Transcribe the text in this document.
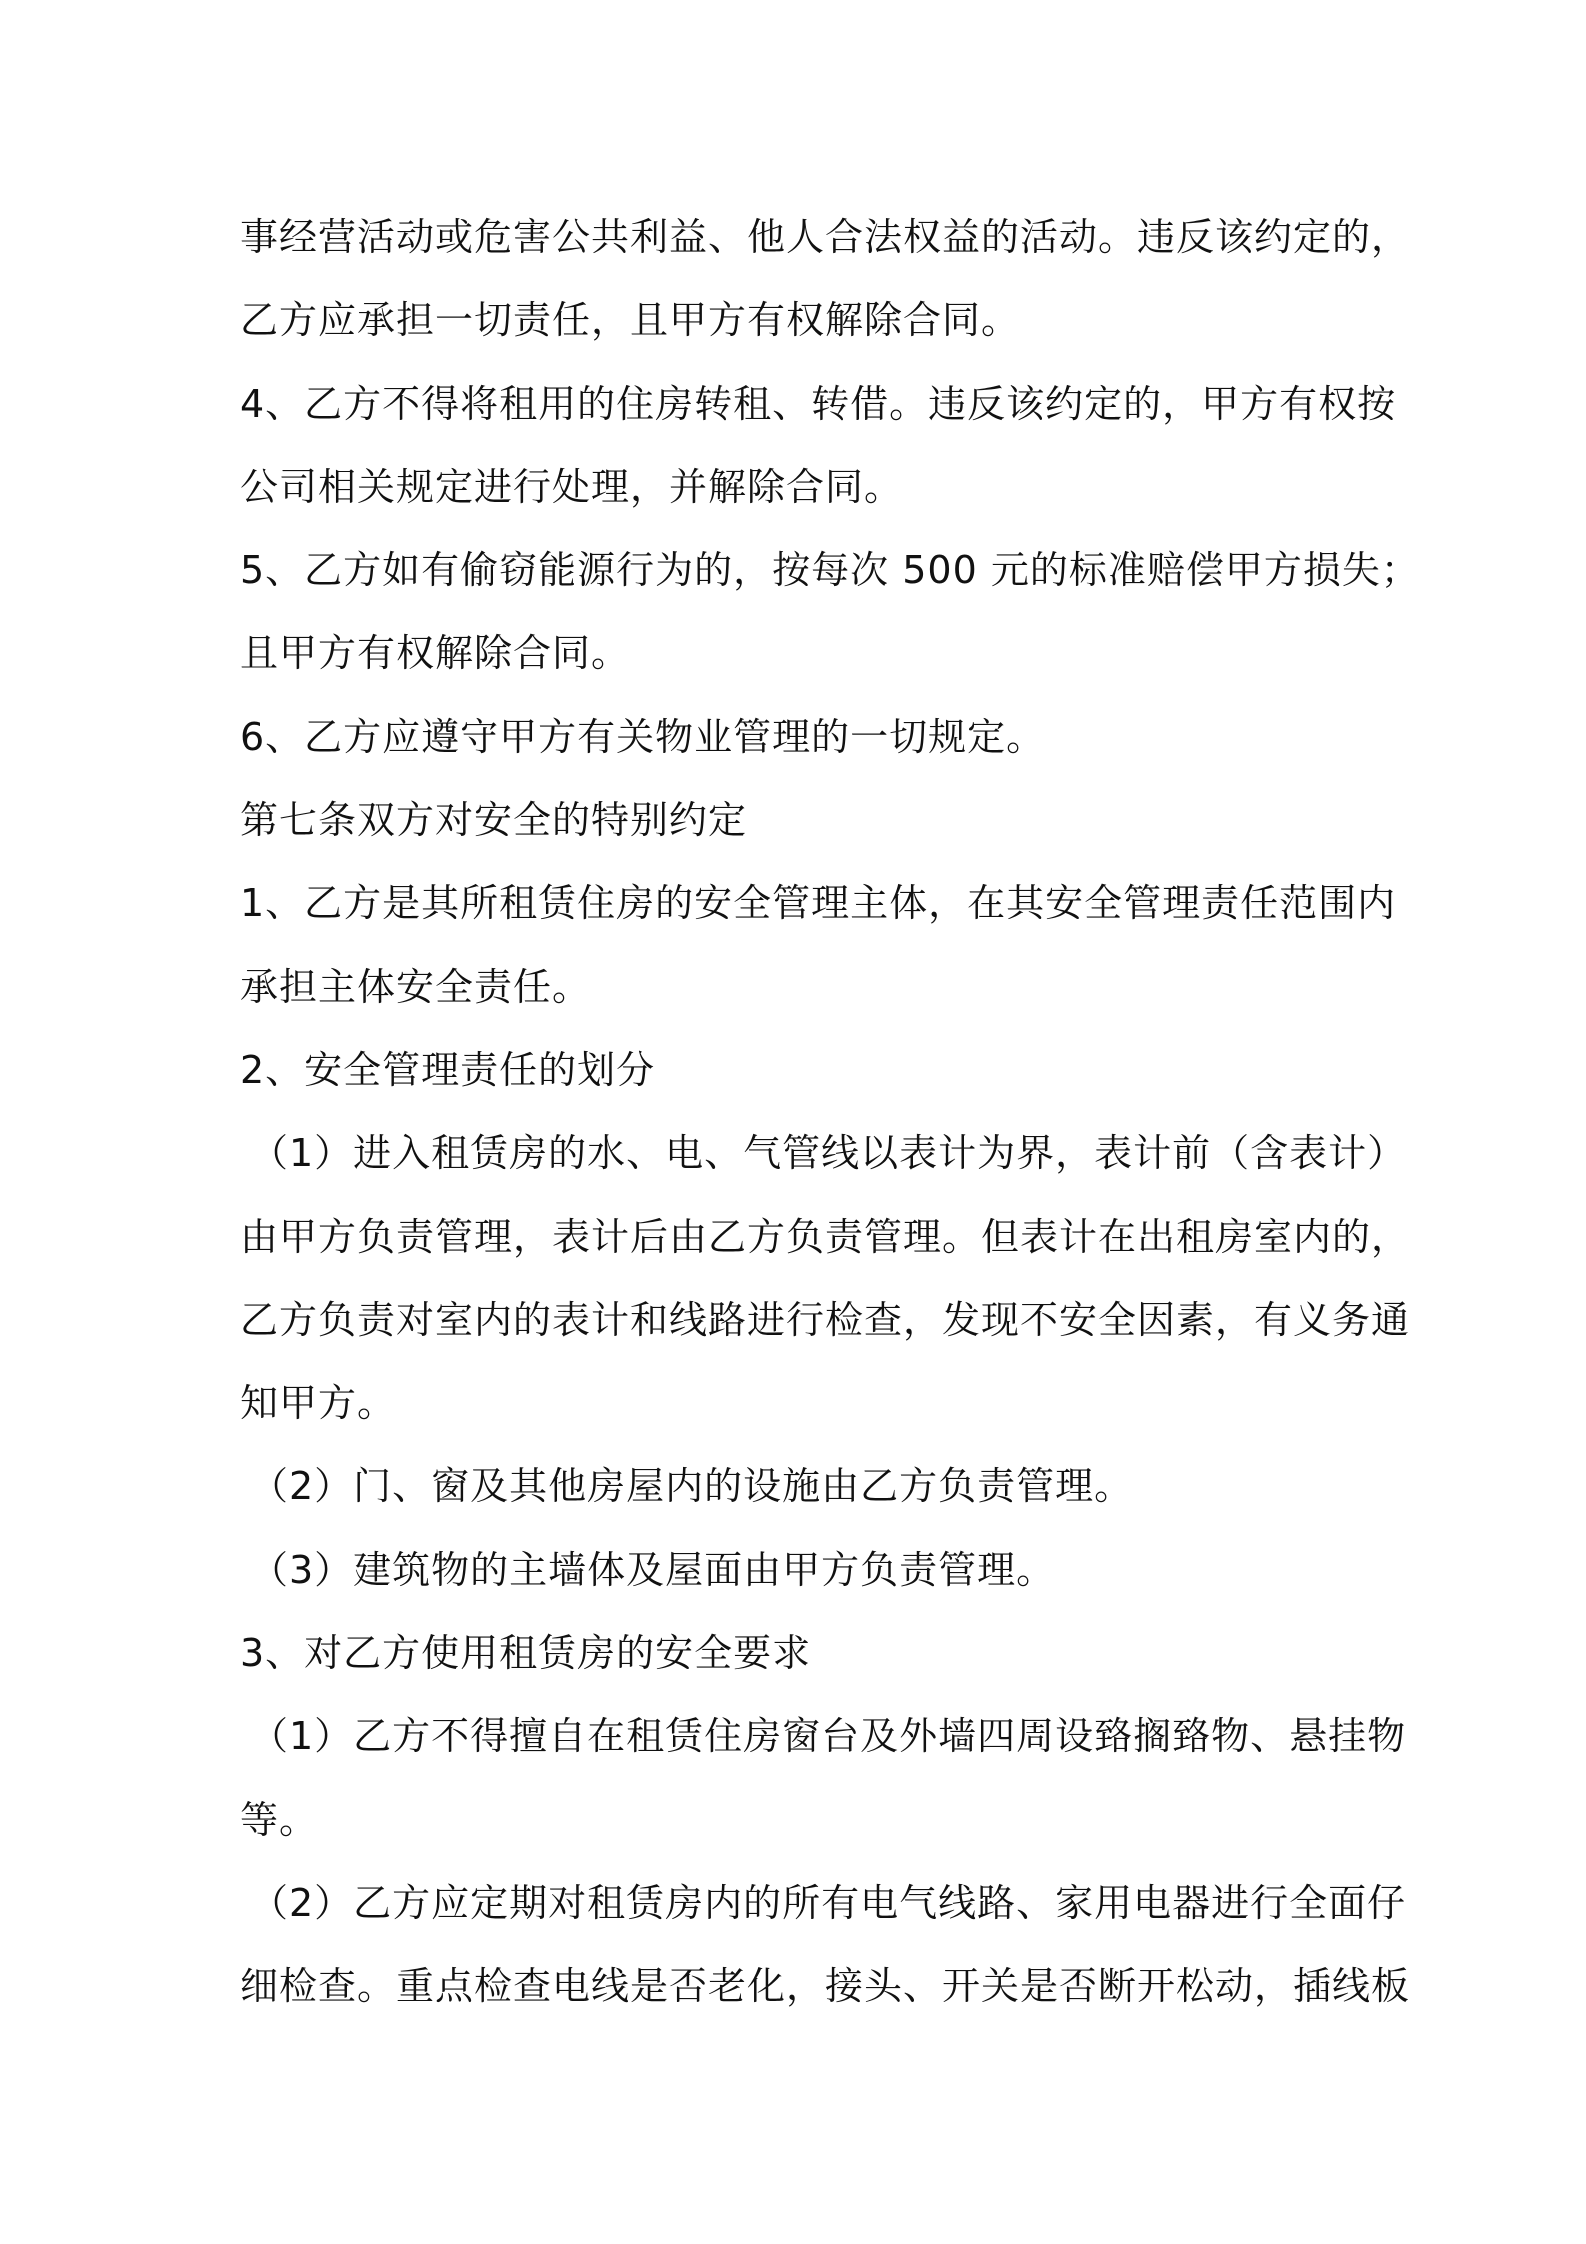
事经营活动或危害公共利益、他人合法权益的活动。违反该约定的，
乙方应承担一切责任，且甲方有权解除合同。
4、乙方不得将租用的住房转租、转借。违反该约定的，甲方有权按
公司相关规定进行处理，并解除合同。
5、乙方如有偷窃能源行为的，按每次 500 元的标准赔偿甲方损失；
且甲方有权解除合同。
6、乙方应遵守甲方有关物业管理的一切规定。
第七条双方对安全的特别约定
1、乙方是其所租赁住房的安全管理主体，在其安全管理责任范围内
承担主体安全责任。
2、安全管理责任的划分
（1）进入租赁房的水、电、气管线以表计为界，表计前（含表计）
由甲方负责管理，表计后由乙方负责管理。但表计在出租房室内的，
乙方负责对室内的表计和线路进行检查，发现不安全因素，有义务通
知甲方。
（2）门、窗及其他房屋内的设施由乙方负责管理。
（3）建筑物的主墙体及屋面由甲方负责管理。
3、对乙方使用租赁房的安全要求
（1）乙方不得擅自在租赁住房窗台及外墙四周设臵搁臵物、悬挂物
等。
（2）乙方应定期对租赁房内的所有电气线路、家用电器进行全面仔
细检查。重点检查电线是否老化，接头、开关是否断开松动，插线板
